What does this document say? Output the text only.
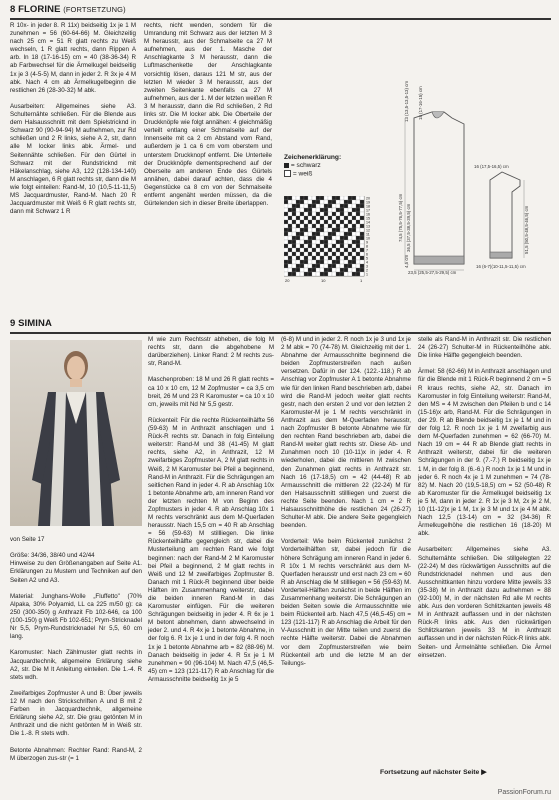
8 FLORINE (FORTSETZUNG)
R 10x- in jeder 8. R 11x) beidseitig 1x je 1 M zunehmen = 56 (60-64-66) M. Gleichzeitig nach 25 cm = 51 R glatt rechts zu Weiß wechseln, 1 R glatt rechts, dann Rippen A arb. In 18 (17-16-15) cm = 40 (38-36-34) R ab Farbwechsel für die Ärmelkugel beidseitig 1x je 3 (4-5-5) M, dann in jeder 2. R 3x je 4 M abk. Nach 4 cm ab Ärmelkugelbeginn die restlichen 26 (28-30-32) M abk.

Ausarbeiten: Allgemeines siehe A3. Schulternähte schließen. Für die Blende aus dem Halsausschnitt mit dem Spielstricknd in Schwarz 90 (90-94-94) M aufnehmen, zur Rd schließen und 2 R links, siehe A 2, str, dann alle M locker links abk. Ärmel- und Seitennähte schließen. Für den Gürtel in Schwarz mit der Rundstricknd mit Häkelanschlag, siehe A3, 122 (128-134-140) M anschlagen, 6 R glatt rechts str, dann die M wie folgt einteilen: Rand-M, 10 (10,5-11-11,5) MS Jacquardmuster, Rand-M. Nach 20 R Jacquardmuster mit Weiß 6 R glatt rechts str, dann mit Schwarz 1 R
rechts, nicht wenden, sondern für die Umrandung mit Schwarz aus der letzten M 3 M herausstr, aus der Schmalseite ca 27 M aufnehmen, aus der 1. Masche der Anschlagkante 3 M herausstr, dann die Luftmaschenkette der Anschlagkante vorsichtig lösen, daraus 121 M str, aus der letzten M wieder 3 M herausstr, aus der zweiten Seitenkante ebenfalls ca 27 M aufnehmen, aus der 1. M der letzten weißen R 3 M herausstr, dann die Rd schließen, 2 Rd links str. Die M locker abk. Die Oberteile der Druckknöpfe wie folgt annähen: 4 gleichmäßig verteilt entlang einer Schmalseite auf der Innenseite mit ca 2 cm Abstand vom Rand, außerdem je 1 ca 6 cm vom oberstem und unterstem Druckknopf entfernt. Die Unterteile der Druckknöpfe dementsprechend auf der Oberseite am anderen Ende des Gürtels annähen, dabei darauf achten, dass die 4 Gegenstücke ca 8 cm von der Schmalseite entfernt angenäht werden müssen, da die Gürtelenden sich in dieser Breite überlappen.
Zeichenerklärung:
= schwarz
= weiß
20
19
18
17
16
15
14
13
12
11
10
9
8
7
6
5
4
3
2
1
20	10	1
13 (13,5-13,5-13) cm 18 (17-16-15) cm
74,5 (75,5-76,5-77,5) cm 36,5 (37,5-38,5-39,5) cm
16 (17,5-16,5) cm
51,5 (50,5-48,5-46,5) cm
23,5 (25,5-27,5-29,5) cm
16 (6-7)(10-11,5-11,5) cm
4,5 cm
9 SIMINA

von Seite 17

Größe: 34/36, 38/40 und 42/44
Hinweise zu den Größenangaben auf Seite A1. Erklärungen zu Mustern und Techniken auf den Seiten A2 und A3.

Material: Junghans-Wolle „Fluffetto" (70% Alpaka, 30% Polyamid, LL ca 225 m/50 g): ca 250 (300-350) g Anthrazit Fb 102-646, ca 100 (100-150) g Weiß Fb 102-651; Prym-Stricknadel Nr 5,5, Prym-Rundstricknadel Nr 5,5, 60 cm lang.

Karomuster: Nach Zählmuster glatt rechts in Jacquardtechnik, allgemeine Erklärung siehe A2, str. Die M lt Anleitung einteilen. Die 1.-4. R stets wdh.

Zweifarbiges Zopfmuster A und B: Über jeweils 12 M nach den Strickschriften A und B mit 2 Farben in Jacquardtechnik, allgemeine Erklärung siehe A2, str. Die grau getönten M in Anthrazit und die nicht getönten M in Weiß str. Die 1.-8. R stets wdh.

Betonte Abnahmen: Rechter Rand: Rand-M, 2 M überzogen zus-str (= 1

M wie zum Rechtsstr abheben, die folg M rechts str, dann die abgehobene M darüberziehen). Linker Rand: 2 M rechts zus-str, Rand-M.

Maschenproben: 18 M und 26 R glatt rechts = ca 10 x 10 cm, 12 M Zopfmuster = ca 3,5 cm breit, 26 M und 23 R Karomuster = ca 10 x 10 cm, jeweils mit Nd Nr 5,5 gestr.

Rückenteil: Für die rechte Rückenteilhälfte 56 (59-63) M in Anthrazit anschlagen und 1 Rück-R rechts str. Danach in folg Einteilung weiterstr: Rand-M und 38 (41-45) M glatt rechts, siehe A2, in Anthrazit, 12 M zweifarbiges Zopfmuster A, 2 M glatt rechts in Weiß, 2 M Karomuster bei Pfeil a beginnend, Rand-M in Anthrazit. Für die Schrägungen am seitlichen Rand in jeder 4. R ab Anschlag 10x 1 betonte Abnahme arb, am inneren Rand vor der letzten rechten M von Beginn des Zopfmusters in jeder 4. R ab Anschlag 10x 1 M rechts verschränkt aus dem M-Querfaden herausstr. Nach 15,5 cm = 40 R ab Anschlag = 56 (59-63) M stillliegen. Die linke Rückenteilhälfte gegengleich str, dabei die Musterteilung am rechten Rand wie folgt beginnen: nach der Rand-M 2 M Karomuster bei Pfeil a beginnend, 2 M glatt rechts in Weiß und 12 M zweifarbiges Zopfmuster B. Danach mit 1 Rück-R beginnend über beide Hälften im Zusammenhang weiterstr, dabei die beiden inneren Rand-M in das Karomuster einfügen. Für die weiteren Schrägungen beidseitig in jeder 4. R 6x je 1 M betont abnehmen, dann abwechselnd in jeder 2. und 4. R 4x je 1 betonte Abnahme, in der folg 6. R 1x je 1 und in der folg 4. R noch 1x je 1 betonte Abnahme arb = 82 (88-96) M. Danach beidseitig in jeder 4. R 5x je 1 M zunehmen = 90 (96-104) M. Nach 47,5 (46,5-45) cm = 123 (121-117) R ab Anschlag für die Armausschnitte beidseitig 1x je 5
(6-8) M und in jeder 2. R noch 1x je 3 und 1x je 2 M abk = 70 (74-78) M. Gleichzeitig mit der 1. Abnahme der Armausschnitte beginnend die beiden Zopfmusterstreifen nach außen versetzen. Dafür in der 124. (122.-118.) R ab Anschlag vor Zopfmuster A 1 betonte Abnahme wie für den linken Rand beschrieben arb, dabei wird die Rand-M jedoch weiter glatt rechts gestr, nach den ersten 2 und vor den letzten 2 Karomuster-M je 1 M rechts verschränkt in Anthrazit aus dem M-Querfaden herausstr, nach Zopfmuster B betonte Abnahme wie für den rechten Rand beschrieben arb, dabei die Rand-M weiter glatt rechts str. Diese Ab- und Zunahmen noch 10 (10-11)x in jeder 4. R wiederholen, dabei die mittleren M zwischen den Zunahmen glatt rechts in Anthrazit str. Nach 16 (17-18,5) cm = 42 (44-48) R ab Armausschnitt die mittleren 22 (22-24) M für den Halsausschnitt stillliegen und zuerst die rechte Seite beenden. Nach 1 cm = 2 R Halsausschnitthöhe die restlichen 24 (26-27) Schulter-M abk. Die andere Seite gegengleich beenden.

Vorderteil: Wie beim Rückenteil zunächst 2 Vorderteilhälften str, dabei jedoch für die höhere Schrägung am inneren Rand in jeder 6. R 10x 1 M rechts verschränkt aus dem M-Querfaden herausstr und erst nach 23 cm = 60 R ab Anschlag die M stillliegen = 56 (59-63) M. Vorderteil-Hälften zunächst in beide Hälften im Zusammenhang weiterstr. Die Schrägungen an beiden Seiten sowie die Armausschnitte wie beim Rückenteil arb. Nach 47,5 (46,5-45) cm = 123 (121-117) R ab Anschlag die Arbeit für den V-Ausschnitt in der Mitte teilen und zuerst die rechte Hälfte weiterstr. Dabei die Abnahmen vor dem Zopfmusterstreifen wie beim Rückenteil arb und die letzte M an der Teilungs-
stelle als Rand-M in Anthrazit str. Die restlichen 24 (26-27) Schulter-M in Rückenteilhöhe abk. Die linke Hälfte gegengleich beenden.

Ärmel: 58 (62-66) M in Anthrazit anschlagen und für die Blende mit 1 Rück-R beginnend 2 cm = 5 R kraus rechts, siehe A2, str. Danach im Karomuster in folg Einteilung weiterstr: Rand-M, den MS = 4 M zwischen den Pfeilen b und c 14 (15-16)x arb, Rand-M. Für die Schrägungen in der 29. R ab Blende beidseitig 1x je 1 M und in der folg 12. R noch 1x je 1 M zweifarbig aus dem M-Querfaden zunehmen = 62 (66-70) M. Nach 19 cm = 44 R ab Blende glatt rechts in Anthrazit weiterstr, dabei für die weiteren Schrägungen in der 9. (7.-7.) R beidseitig 1x je 1 M, in der folg 8. (6.-6.) R noch 1x je 1 M und in jeder 6. R noch 4x je 1 M zunehmen = 74 (78-82) M. Nach 20 (19,5-18,5) cm = 52 (50-48) R ab Karomuster für die Ärmelkugel beidseitig 1x je 5 M, dann in jeder 2. R 1x je 3 M, 2x je 2 M, 10 (11-12)x je 1 M, 1x je 3 M und 1x je 4 M abk. Nach 12,5 (13-14) cm = 32 (34-36) R Ärmelkugelhöhe die restlichen 16 (18-20) M abk.

Ausarbeiten: Allgemeines siehe A3. Schulternähte schließen. Die stillgelegten 22 (22-24) M des rückwärtigen Ausschnitts auf die Rundstricknadel nehmen und aus den Ausschnittkanten hinzu vordere Mitte jeweils 33 (35-38) M in Anthrazit dazu aufnehmen = 88 (92-100) M, in der nächsten Rd alle M rechts abk. Aus den vorderen Schlitzkanten jeweils 48 M in Anthrazit auffassen und in der nächsten Rück-R links abk. Aus den rückwärtigen Schlitzkanten jeweils 33 M in Anthrazit auffassen und in der nächsten Rück-R links abk. Seiten- und Ärmelnähte schließen. Die Ärmel einsetzen.
Fortsetzung auf nächster Seite ▶
PassionForum.ru
